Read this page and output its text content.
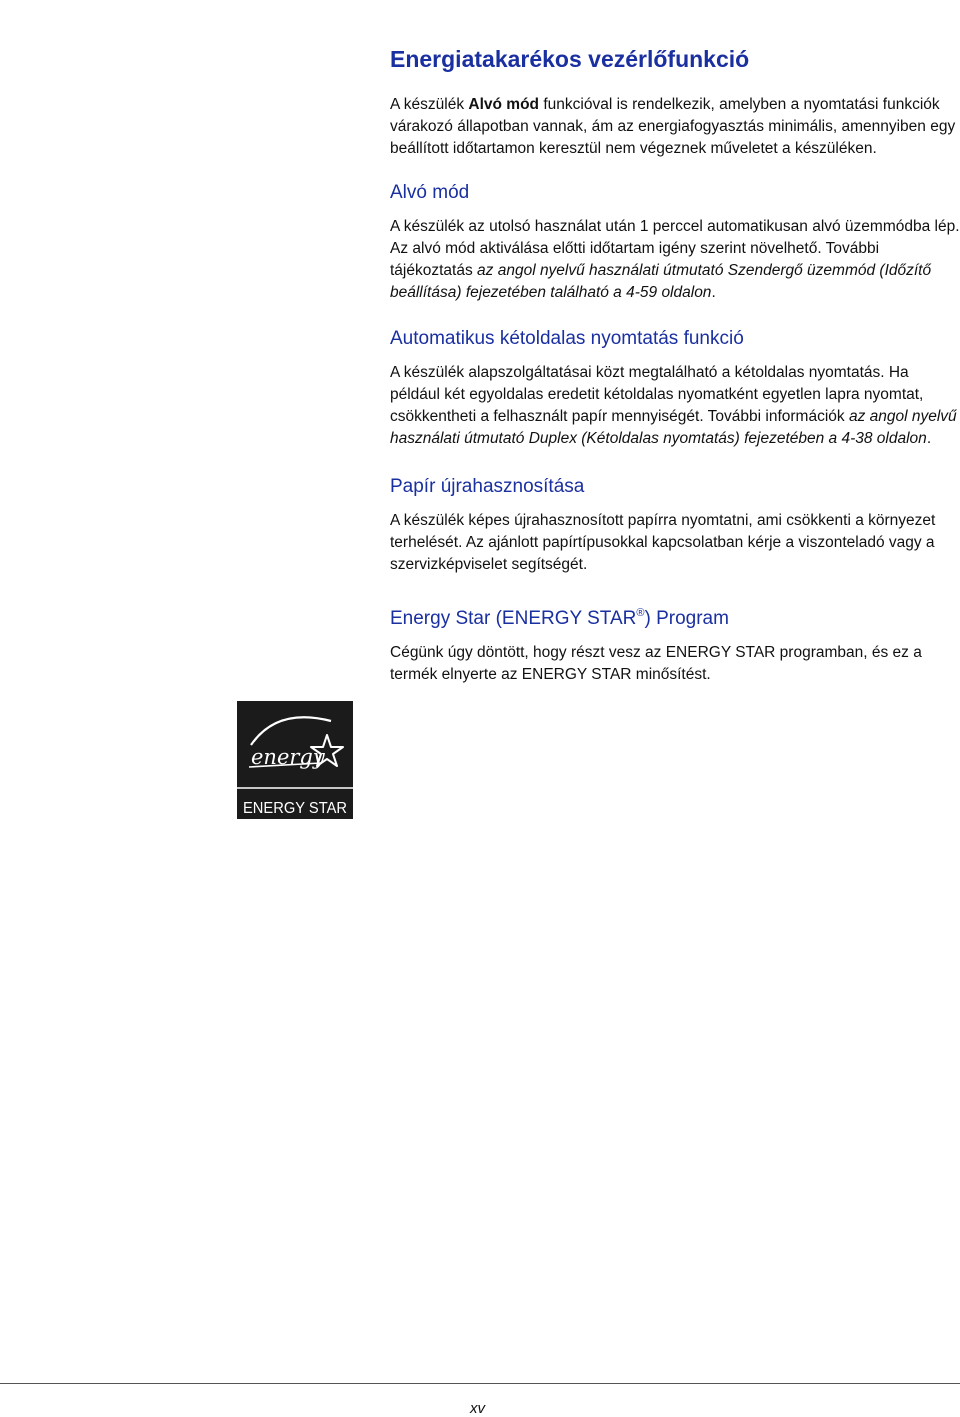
Energiatakarékos vezérlőfunkció

A készülék Alvó mód funkcióval is rendelkezik, amelyben a nyomtatási funkciók várakozó állapotban vannak, ám az energiafogyasztás minimális, amennyiben egy beállított időtartamon keresztül nem végeznek műveletet a készüléken.

Alvó mód

A készülék az utolsó használat után 1 perccel automatikusan alvó üzemmódba lép. Az alvó mód aktiválása előtti időtartam igény szerint növelhető. További tájékoztatás az angol nyelvű használati útmutató Szendergő üzemmód (Időzítő beállítása) fejezetében található a 4-59 oldalon.

Automatikus kétoldalas nyomtatás funkció

A készülék alapszolgáltatásai közt megtalálható a kétoldalas nyomtatás. Ha például két egyoldalas eredetit kétoldalas nyomatként egyetlen lapra nyomtat, csökkentheti a felhasznált papír mennyiségét. További információk az angol nyelvű használati útmutató Duplex (Kétoldalas nyomtatás) fejezetében a 4-38 oldalon.

Papír újrahasznosítása

A készülék képes újrahasznosított papírra nyomtatni, ami csökkenti a környezet terhelését. Az ajánlott papírtípusokkal kapcsolatban kérje a viszonteladó vagy a szervizképviselet segítségét.

Energy Star (ENERGY STAR®) Program

Cégünk úgy döntött, hogy részt vesz az ENERGY STAR programban, és ez a termék elnyerte az ENERGY STAR minősítést.

energy
ENERGY STAR
xv
